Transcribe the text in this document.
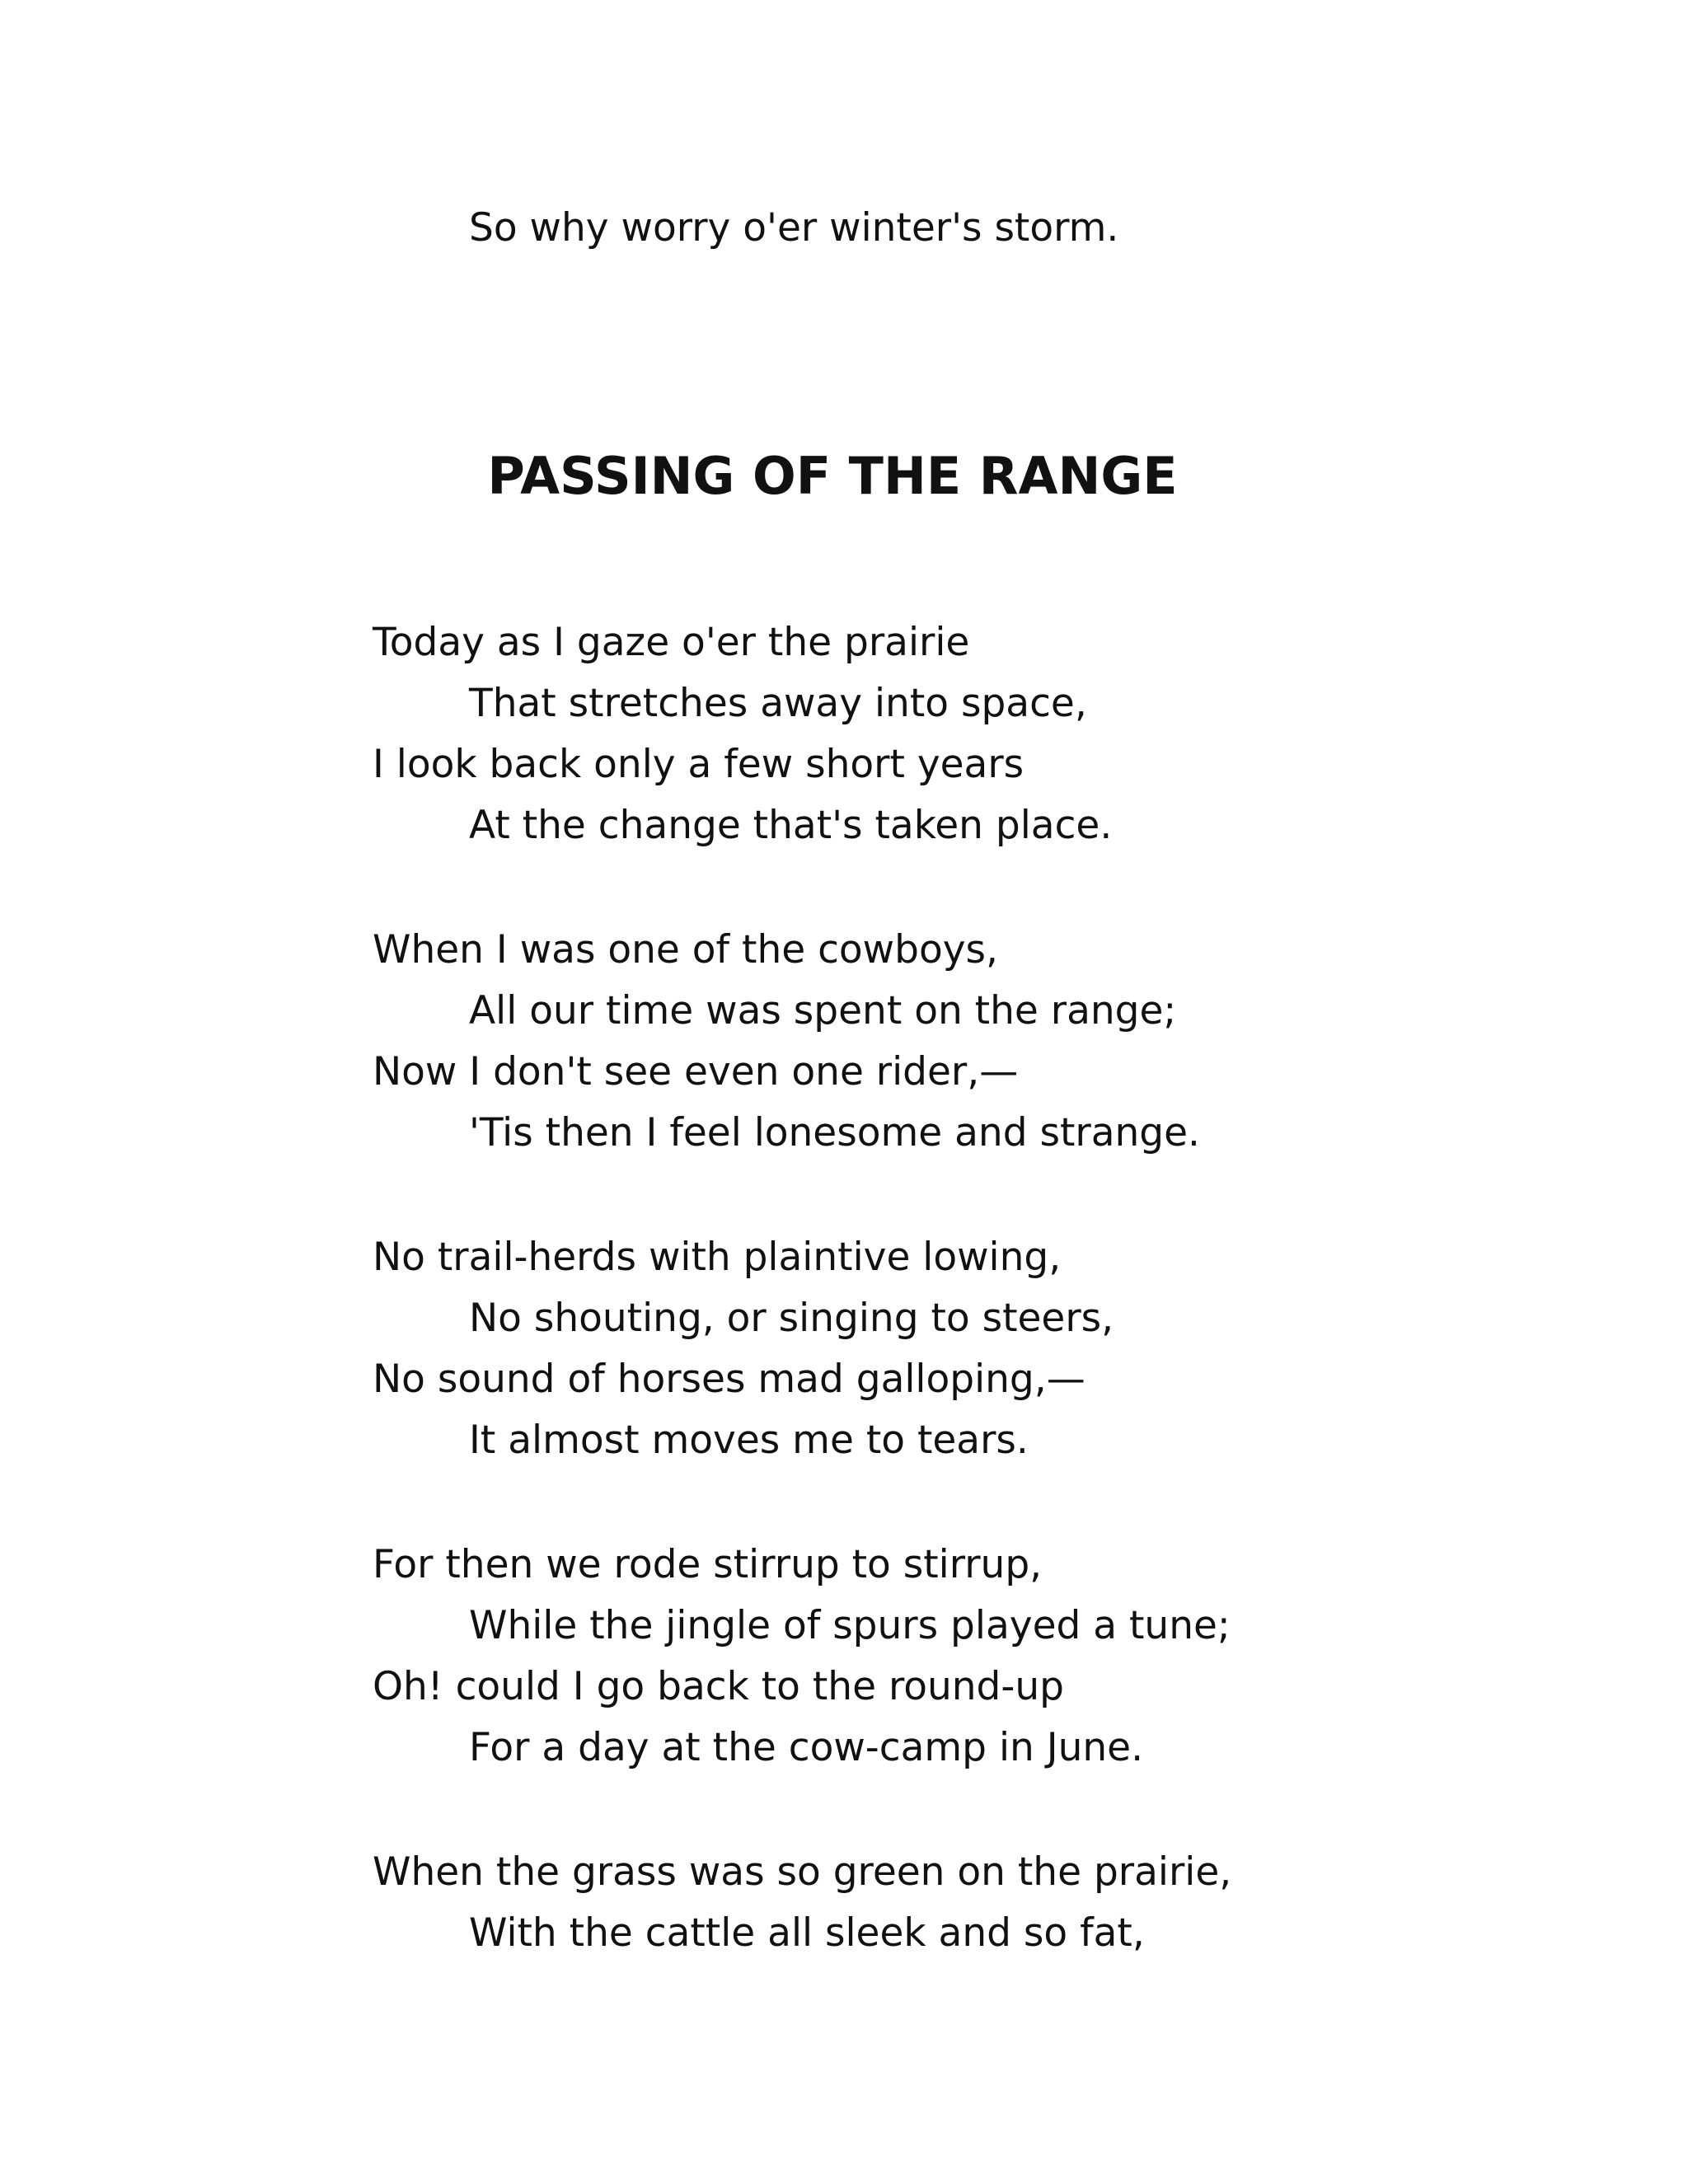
So why worry o'er winter's storm.
PASSING OF THE RANGE
Today as I gaze o'er the prairie
That stretches away into space,
I look back only a few short years
At the change that's taken place.
When I was one of the cowboys,
All our time was spent on the range;
Now I don't see even one rider,—
'Tis then I feel lonesome and strange.
No trail-herds with plaintive lowing,
No shouting, or singing to steers,
No sound of horses mad galloping,—
It almost moves me to tears.
For then we rode stirrup to stirrup,
While the jingle of spurs played a tune;
Oh! could I go back to the round-up
For a day at the cow-camp in June.
When the grass was so green on the prairie,
With the cattle all sleek and so fat,
